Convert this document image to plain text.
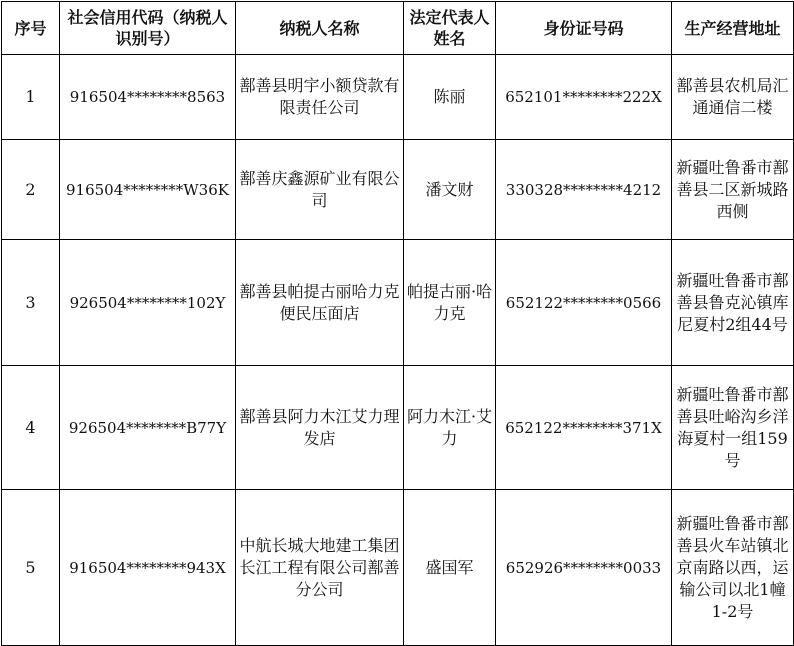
序号	社会信用代码（纳税人识别号）	纳税人名称	法定代表人姓名	身份证号码	生产经营地址
1	916504********8563	鄯善县明宇小额贷款有限责任公司	陈丽	652101********222X	鄯善县农机局汇通通信二楼
2	916504********W36K	鄯善庆鑫源矿业有限公司	潘文财	330328********4212	新疆吐鲁番市鄯善县二区新城路西侧
3	926504********102Y	鄯善县帕提古丽哈力克便民压面店	帕提古丽·哈力克	652122********0566	新疆吐鲁番市鄯善县鲁克沁镇库尼夏村2组44号
4	926504********B77Y	鄯善县阿力木江艾力理发店	阿力木江·艾力	652122********371X	新疆吐鲁番市鄯善县吐峪沟乡洋海夏村一组159号
5	916504********943X	中航长城大地建工集团长江工程有限公司鄯善分公司	盛国军	652926********0033	新疆吐鲁番市鄯善县火车站镇北京南路以西，运输公司以北1幢1-2号
